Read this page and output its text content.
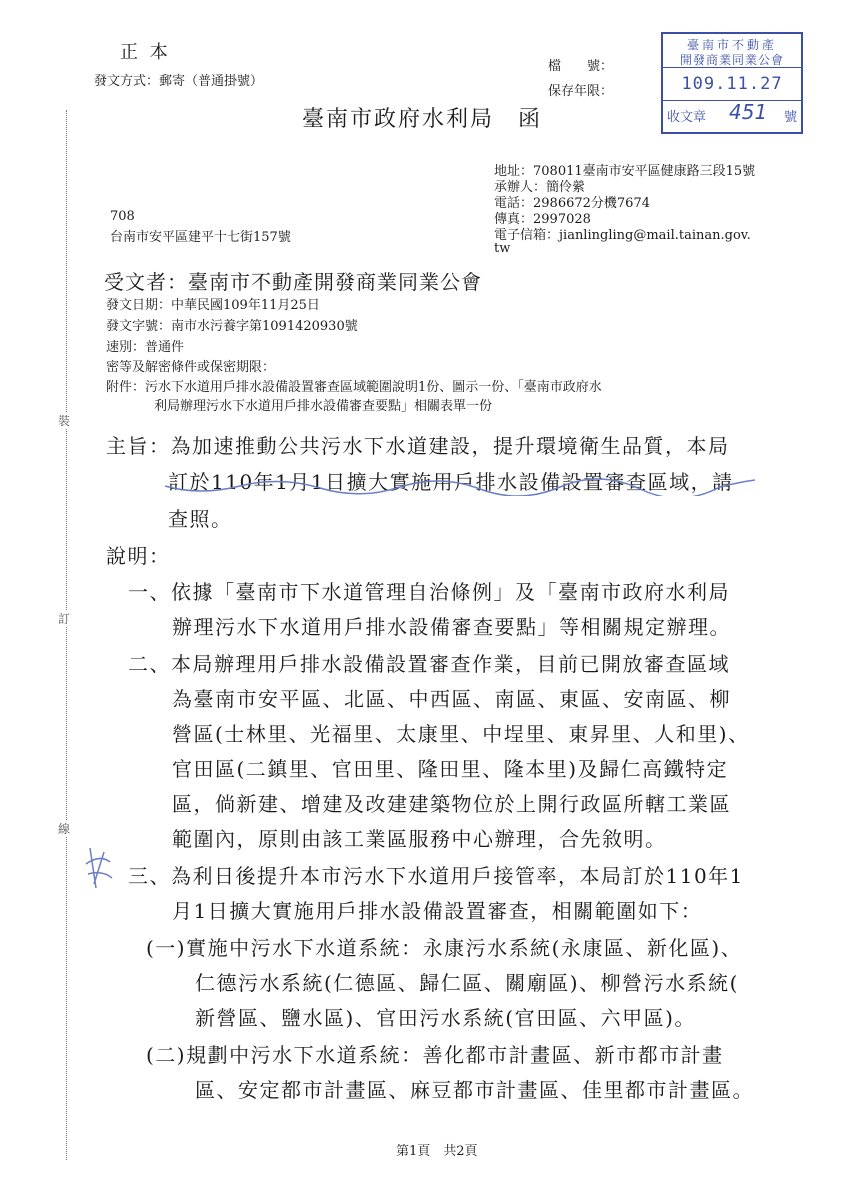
裝
訂
線
正 本
發文方式：郵寄（普通掛號）
檔　　號：
保存年限：
臺南市政府水利局　函
臺南市不動產
開發商業同業公會
109.11.27
收文章	451 號
地址：708011臺南市安平區健康路三段15號
承辦人：簡伶縈
電話：2986672分機7674
傳真：2997028
電子信箱：jianlingling@mail.tainan.gov.
tw
708
台南市安平區建平十七街157號
受文者：臺南市不動產開發商業同業公會
發文日期：中華民國109年11月25日
發文字號：南市水污養字第1091420930號
速別：普通件
密等及解密條件或保密期限：
附件：污水下水道用戶排水設備設置審查區域範圍說明1份、圖示一份、「臺南市政府水
利局辦理污水下水道用戶排水設備審查要點」相關表單一份
主旨：為加速推動公共污水下水道建設，提升環境衛生品質，本局
訂於110年1月1日擴大實施用戶排水設備設置審查區域，請
查照。
說明：
一、依據「臺南市下水道管理自治條例」及「臺南市政府水利局
辦理污水下水道用戶排水設備審查要點」等相關規定辦理。
二、本局辦理用戶排水設備設置審查作業，目前已開放審查區域
為臺南市安平區、北區、中西區、南區、東區、安南區、柳
營區(士林里、光福里、太康里、中埕里、東昇里、人和里)、
官田區(二鎮里、官田里、隆田里、隆本里)及歸仁高鐵特定
區，倘新建、增建及改建建築物位於上開行政區所轄工業區
範圍內，原則由該工業區服務中心辦理，合先敘明。
三、為利日後提升本市污水下水道用戶接管率，本局訂於110年1
月1日擴大實施用戶排水設備設置審查，相關範圍如下：
(一)實施中污水下水道系統：永康污水系統(永康區、新化區)、
仁德污水系統(仁德區、歸仁區、關廟區)、柳營污水系統(
新營區、鹽水區)、官田污水系統(官田區、六甲區)。
(二)規劃中污水下水道系統：善化都市計畫區、新市都市計畫
區、安定都市計畫區、麻豆都市計畫區、佳里都市計畫區。
第1頁　共2頁
